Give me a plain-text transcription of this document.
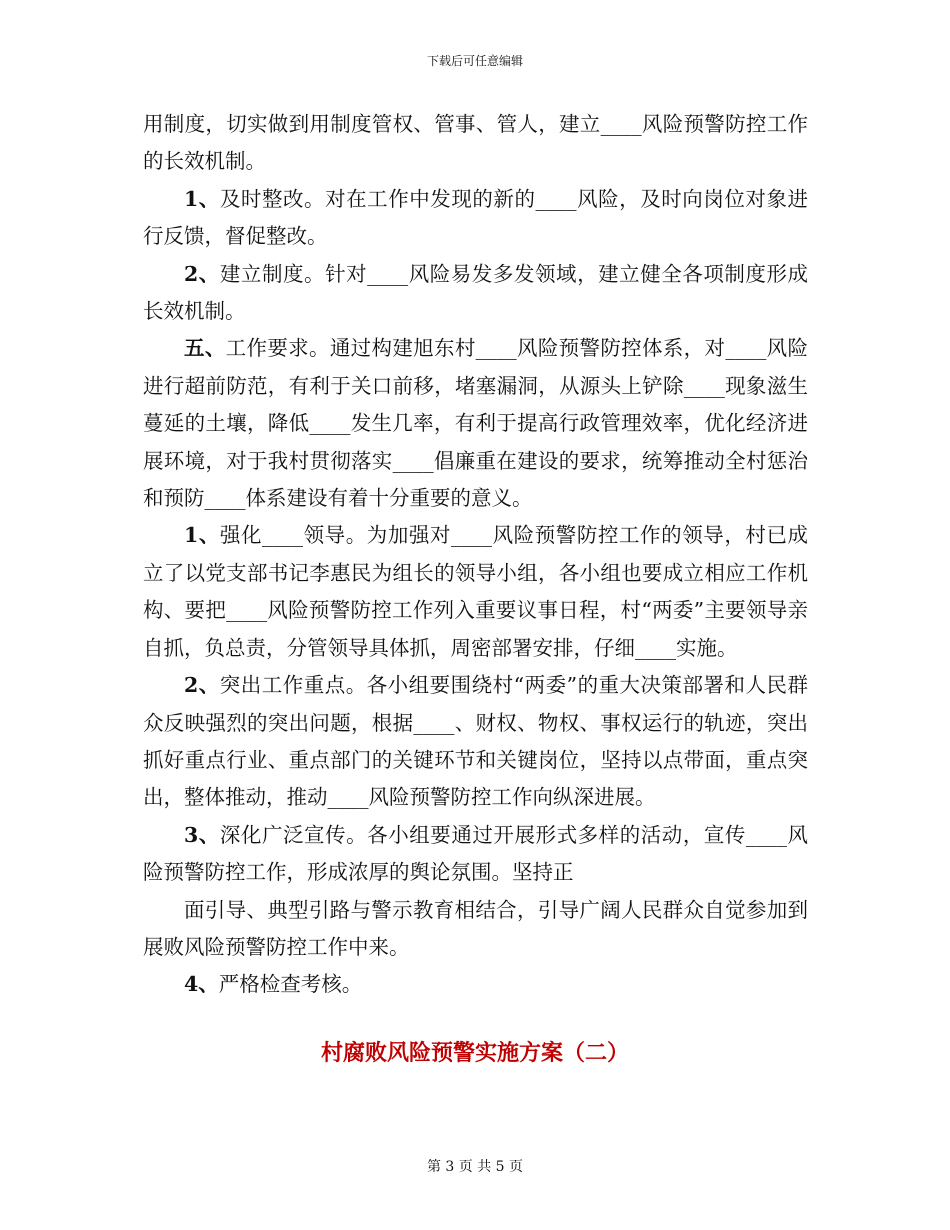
下载后可任意编辑

用制度，切实做到用制度管权、管事、管人，建立____风险预警防控工作的长效机制。

1、及时整改。对在工作中发现的新的____风险，及时向岗位对象进行反馈，督促整改。

2、建立制度。针对____风险易发多发领域，建立健全各项制度形成长效机制。

五、工作要求。通过构建旭东村____风险预警防控体系，对____风险进行超前防范，有利于关口前移，堵塞漏洞，从源头上铲除____现象滋生蔓延的土壤，降低____发生几率，有利于提高行政管理效率，优化经济进展环境，对于我村贯彻落实____倡廉重在建设的要求，统筹推动全村惩治和预防____体系建设有着十分重要的意义。

1、强化____领导。为加强对____风险预警防控工作的领导，村已成立了以党支部书记李惠民为组长的领导小组，各小组也要成立相应工作机构、要把____风险预警防控工作列入重要议事日程，村“两委”主要领导亲自抓，负总责，分管领导具体抓，周密部署安排，仔细____实施。

2、突出工作重点。各小组要围绕村“两委”的重大决策部署和人民群众反映强烈的突出问题，根据____、财权、物权、事权运行的轨迹，突出抓好重点行业、重点部门的关键环节和关键岗位，坚持以点带面，重点突出，整体推动，推动____风险预警防控工作向纵深进展。

3、深化广泛宣传。各小组要通过开展形式多样的活动，宣传____风险预警防控工作，形成浓厚的舆论氛围。坚持正

面引导、典型引路与警示教育相结合，引导广阔人民群众自觉参加到展败风险预警防控工作中来。

4、严格检查考核。

村腐败风险预警实施方案（二）
第 3 页 共 5 页
